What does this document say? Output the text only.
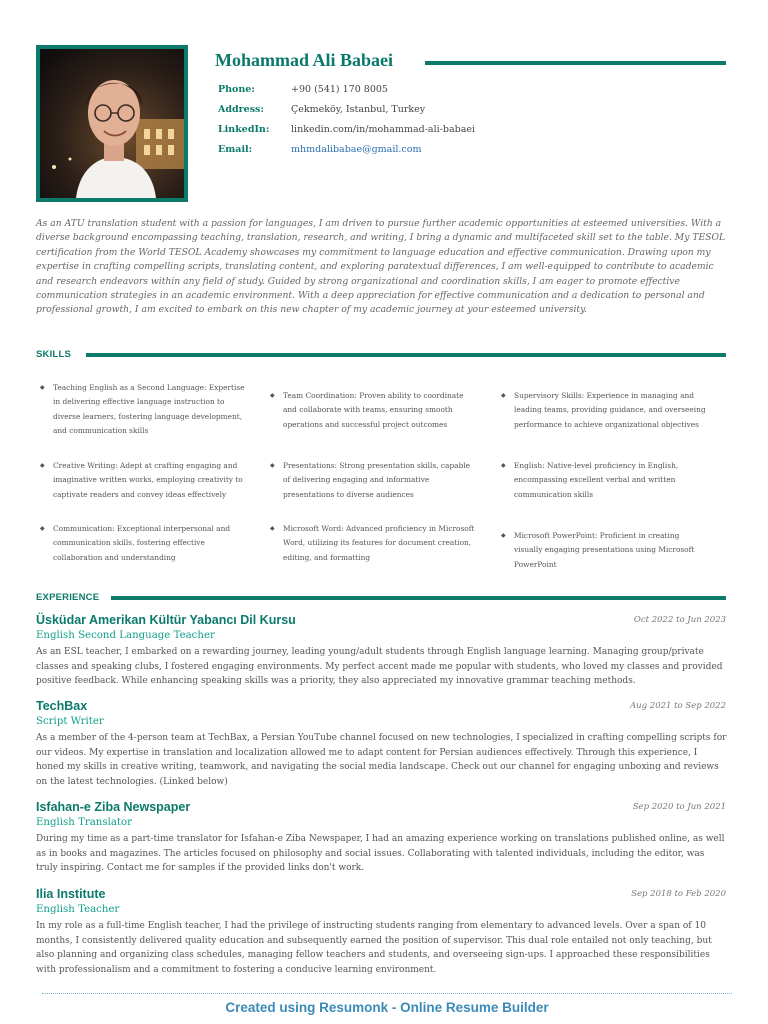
Mohammad Ali Babaei
Phone:	+90 (541) 170 8005
Address:	Çekmeköy, Istanbul, Turkey
LinkedIn:	linkedin.com/in/mohammad-ali-babaei
Email:	mhmdalibabae@gmail.com
As an ATU translation student with a passion for languages, I am driven to pursue further academic opportunities at esteemed universities. With a diverse background encompassing teaching, translation, research, and writing, I bring a dynamic and multifaceted skill set to the table. My TESOL certification from the World TESOL Academy showcases my commitment to language education and effective communication. Drawing upon my expertise in crafting compelling scripts, translating content, and exploring paratextual differences, I am well-equipped to contribute to academic and research endeavors within any field of study. Guided by strong organizational and coordination skills, I am eager to promote effective communication strategies in an academic environment. With a deep appreciation for effective communication and a dedication to personal and professional growth, I am excited to embark on this new chapter of my academic journey at your esteemed university.
SKILLS
◆ Teaching English as a Second Language: Expertise in delivering effective language instruction to diverse learners, fostering language development, and communication skills
◆ Team Coordination: Proven ability to coordinate and collaborate with teams, ensuring smooth operations and successful project outcomes
◆ Supervisory Skills: Experience in managing and leading teams, providing guidance, and overseeing performance to achieve organizational objectives
◆ Creative Writing: Adept at crafting engaging and imaginative written works, employing creativity to captivate readers and convey ideas effectively
◆ Presentations: Strong presentation skills, capable of delivering engaging and informative presentations to diverse audiences
◆ English: Native-level proficiency in English, encompassing excellent verbal and written communication skills
◆ Communication: Exceptional interpersonal and communication skills, fostering effective collaboration and understanding
◆ Microsoft Word: Advanced proficiency in Microsoft Word, utilizing its features for document creation, editing, and formatting
◆ Microsoft PowerPoint: Proficient in creating visually engaging presentations using Microsoft PowerPoint
EXPERIENCE
Üsküdar Amerikan Kültür Yabancı Dil Kursu	Oct 2022 to Jun 2023
English Second Language Teacher
As an ESL teacher, I embarked on a rewarding journey, leading young/adult students through English language learning. Managing group/private classes and speaking clubs, I fostered engaging environments. My perfect accent made me popular with students, who loved my classes and provided positive feedback. While enhancing speaking skills was a priority, they also appreciated my innovative grammar teaching methods.
TechBax	Aug 2021 to Sep 2022
Script Writer
As a member of the 4-person team at TechBax, a Persian YouTube channel focused on new technologies, I specialized in crafting compelling scripts for our videos. My expertise in translation and localization allowed me to adapt content for Persian audiences effectively. Through this experience, I honed my skills in creative writing, teamwork, and navigating the social media landscape. Check out our channel for engaging unboxing and reviews on the latest technologies. (Linked below)
Isfahan-e Ziba Newspaper	Sep 2020 to Jun 2021
English Translator
During my time as a part-time translator for Isfahan-e Ziba Newspaper, I had an amazing experience working on translations published online, as well as in books and magazines. The articles focused on philosophy and social issues. Collaborating with talented individuals, including the editor, was truly inspiring. Contact me for samples if the provided links don't work.
Ilia Institute	Sep 2018 to Feb 2020
English Teacher
In my role as a full-time English teacher, I had the privilege of instructing students ranging from elementary to advanced levels. Over a span of 10 months, I consistently delivered quality education and subsequently earned the position of supervisor. This dual role entailed not only teaching, but also planning and organizing class schedules, managing fellow teachers and students, and overseeing sign-ups. I approached these responsibilities with professionalism and a commitment to fostering a conducive learning environment.
Created using Resumonk - Online Resume Builder
